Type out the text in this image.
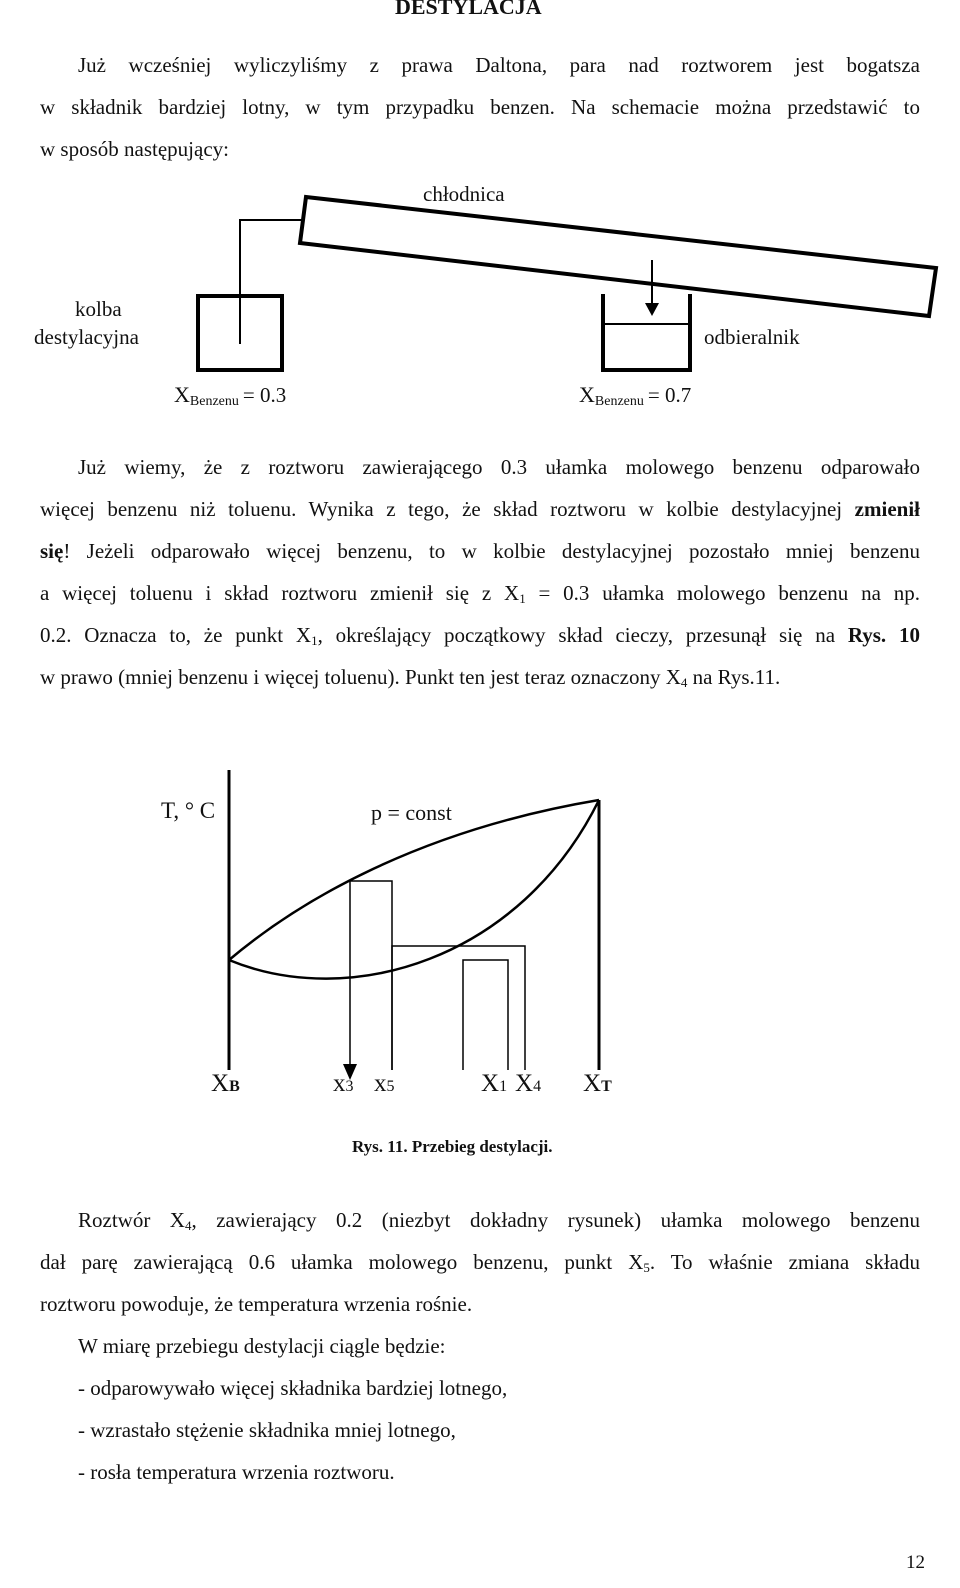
DESTYLACJA
Już wcześniej wyliczyliśmy z prawa Daltona, para nad roztworem jest bogatsza
w składnik bardziej lotny, w tym przypadku benzen. Na schemacie można przedstawić to
w sposób następujący:
chłodnica
kolba
destylacyjna	odbieralnik
XBenzenu = 0.3	XBenzenu = 0.7
Już wiemy, że z roztworu zawierającego 0.3 ułamka molowego benzenu odparowało
więcej benzenu niż toluenu. Wynika z tego, że skład roztworu w kolbie destylacyjnej zmienił
się! Jeżeli odparowało więcej benzenu, to w kolbie destylacyjnej pozostało mniej benzenu
a więcej toluenu i skład roztworu zmienił się z $X_1 = 0.3$ ułamka molowego benzenu na np.
0.2. Oznacza to, że punkt $X_1$, określający początkowy skład cieczy, przesunął się na Rys. 10
w prawo (mniej benzenu i więcej toluenu). Punkt ten jest teraz oznaczony $X_4$ na Rys.11.
T, ° C	p = const
XB	x3 x5	X1 X4 XT
Rys. 11. Przebieg destylacji.
Roztwór $X_4$, zawierający 0.2 (niezbyt dokładny rysunek) ułamka molowego benzenu
dał parę zawierającą 0.6 ułamka molowego benzenu, punkt $X_5$. To właśnie zmiana składu
roztworu powoduje, że temperatura wrzenia rośnie.
W miarę przebiegu destylacji ciągle będzie:
- odparowywało więcej składnika bardziej lotnego,
- wzrastało stężenie składnika mniej lotnego,
- rosła temperatura wrzenia roztworu.
12
